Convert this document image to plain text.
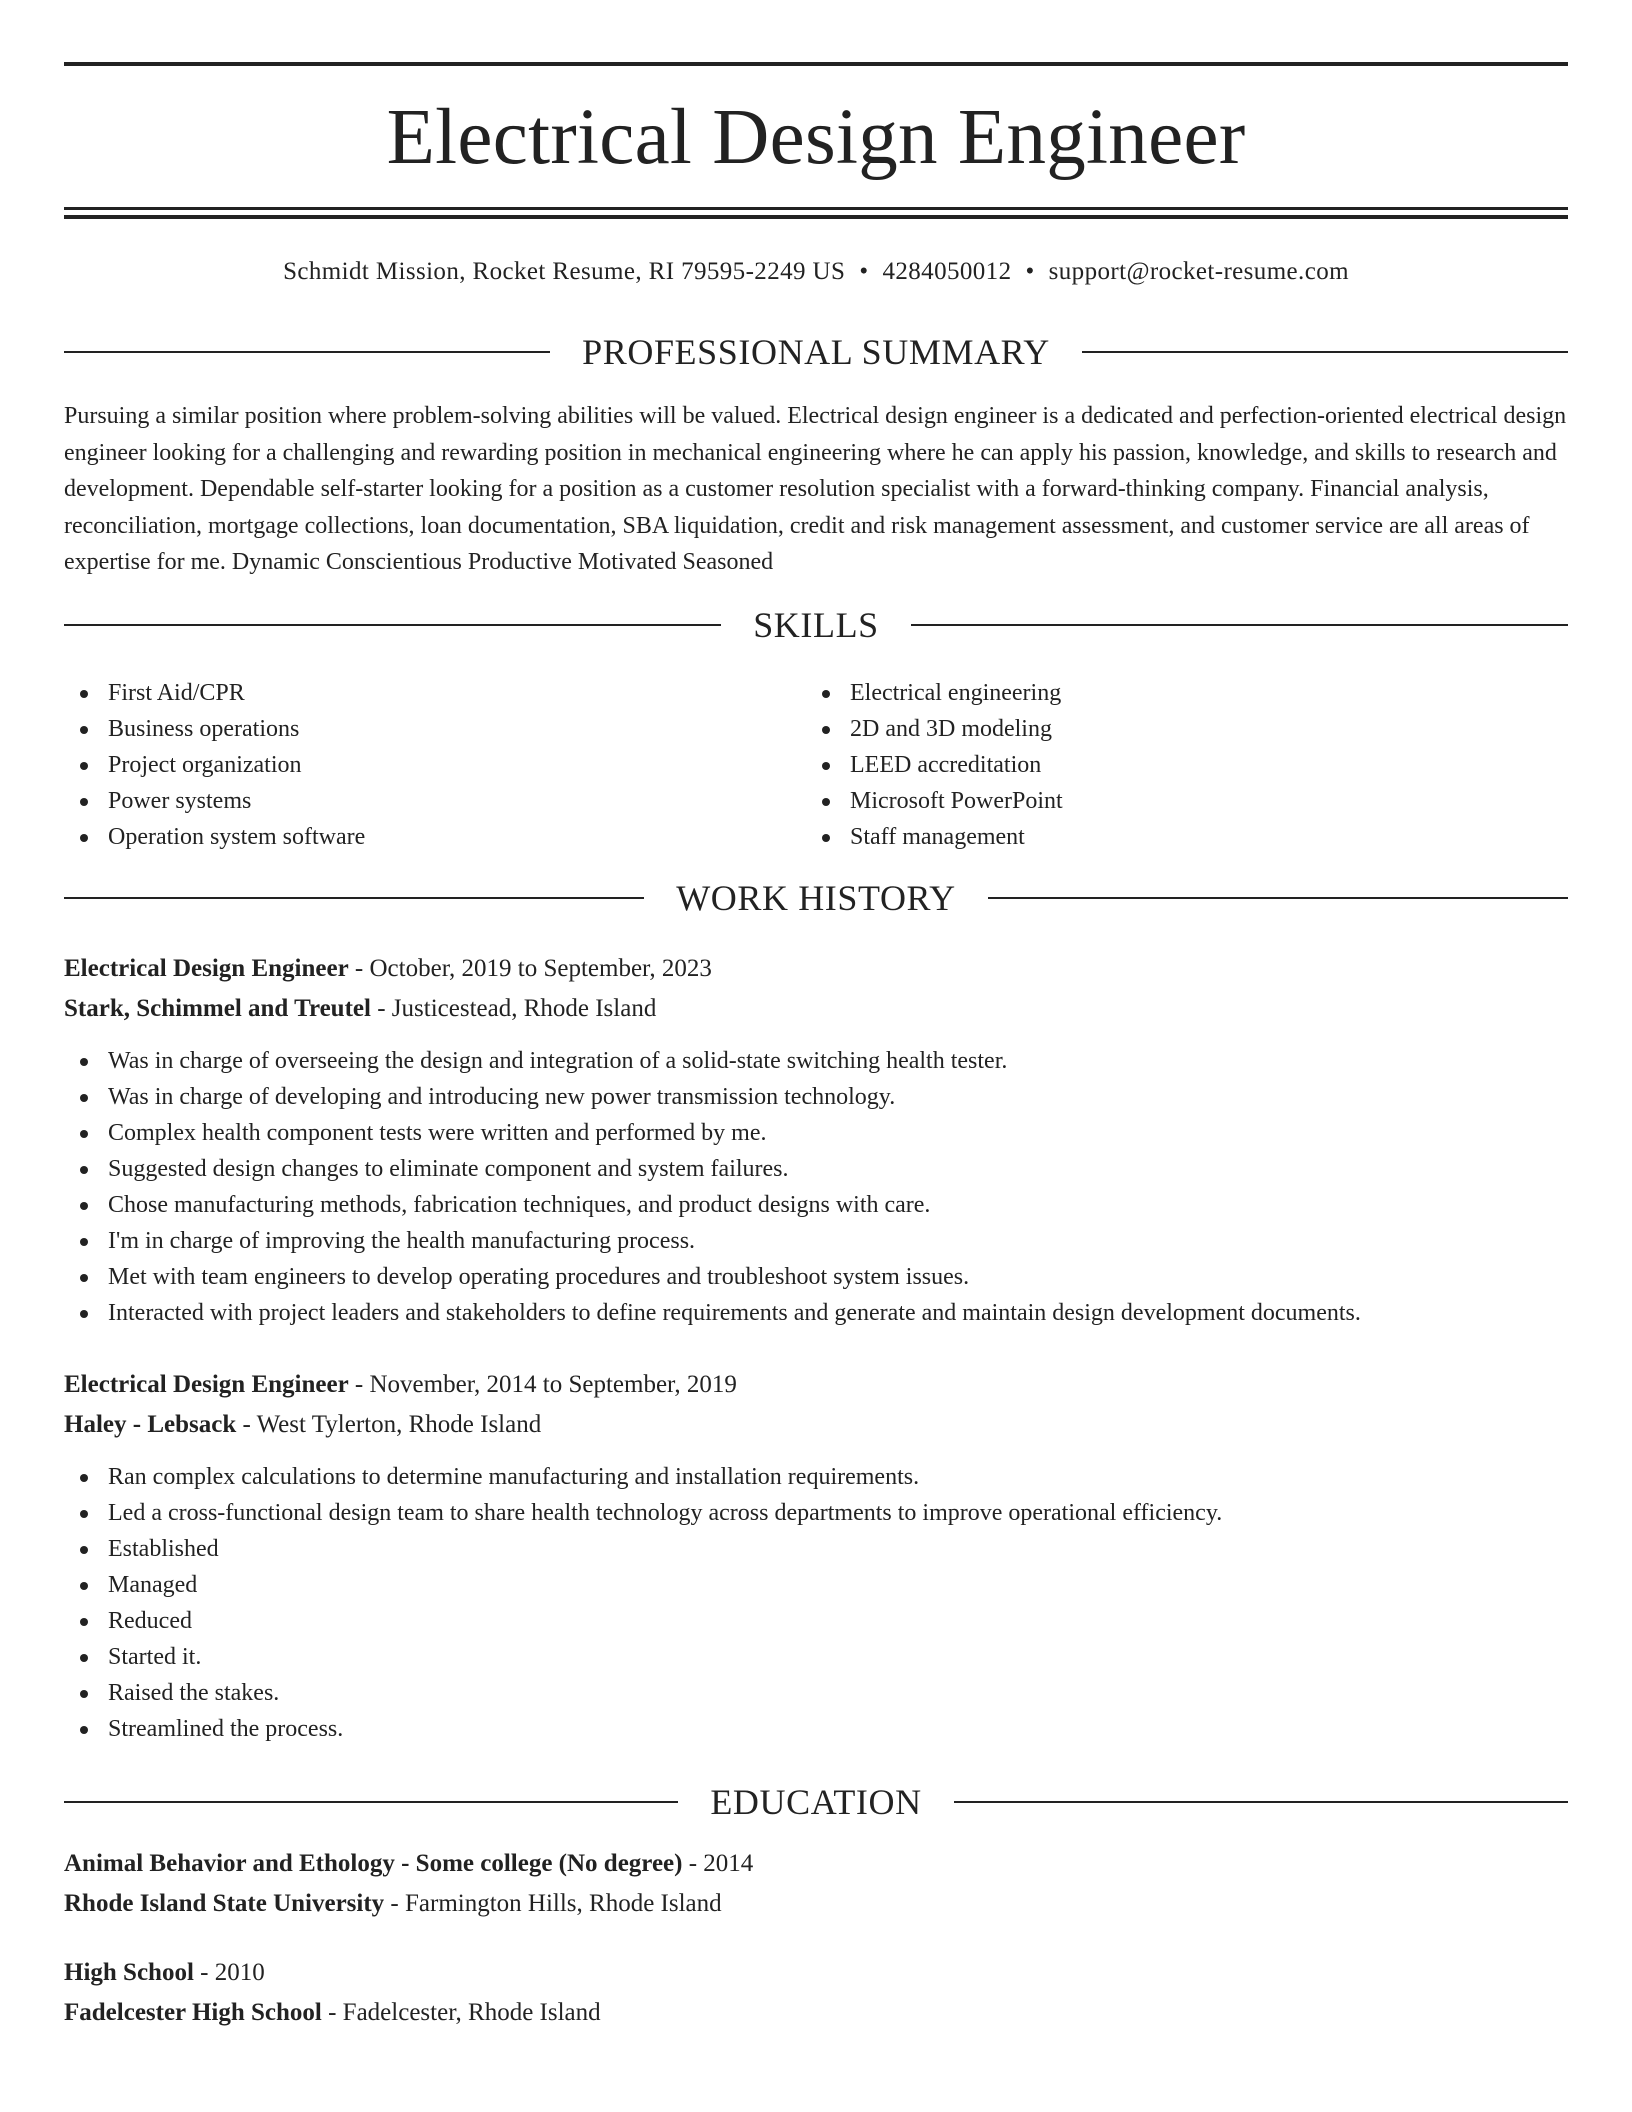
Electrical Design Engineer
Schmidt Mission, Rocket Resume, RI 79595-2249 US • 4284050012 • support@rocket-resume.com
PROFESSIONAL SUMMARY

Pursuing a similar position where problem-solving abilities will be valued. Electrical design engineer is a dedicated and perfection-oriented electrical design engineer looking for a challenging and rewarding position in mechanical engineering where he can apply his passion, knowledge, and skills to research and development. Dependable self-starter looking for a position as a customer resolution specialist with a forward-thinking company. Financial analysis, reconciliation, mortgage collections, loan documentation, SBA liquidation, credit and risk management assessment, and customer service are all areas of expertise for me. Dynamic Conscientious Productive Motivated Seasoned

SKILLS
First Aid/CPR
Business operations
Project organization
Power systems
Operation system software
Electrical engineering
2D and 3D modeling
LEED accreditation
Microsoft PowerPoint
Staff management
WORK HISTORY
Electrical Design Engineer - October, 2019 to September, 2023
Stark, Schimmel and Treutel - Justicestead, Rhode Island
Was in charge of overseeing the design and integration of a solid-state switching health tester.
Was in charge of developing and introducing new power transmission technology.
Complex health component tests were written and performed by me.
Suggested design changes to eliminate component and system failures.
Chose manufacturing methods, fabrication techniques, and product designs with care.
I'm in charge of improving the health manufacturing process.
Met with team engineers to develop operating procedures and troubleshoot system issues.
Interacted with project leaders and stakeholders to define requirements and generate and maintain design development documents.
Electrical Design Engineer - November, 2014 to September, 2019
Haley - Lebsack - West Tylerton, Rhode Island
Ran complex calculations to determine manufacturing and installation requirements.
Led a cross-functional design team to share health technology across departments to improve operational efficiency.
Established
Managed
Reduced
Started it.
Raised the stakes.
Streamlined the process.
EDUCATION
Animal Behavior and Ethology - Some college (No degree) - 2014
Rhode Island State University - Farmington Hills, Rhode Island
High School - 2010
Fadelcester High School - Fadelcester, Rhode Island
